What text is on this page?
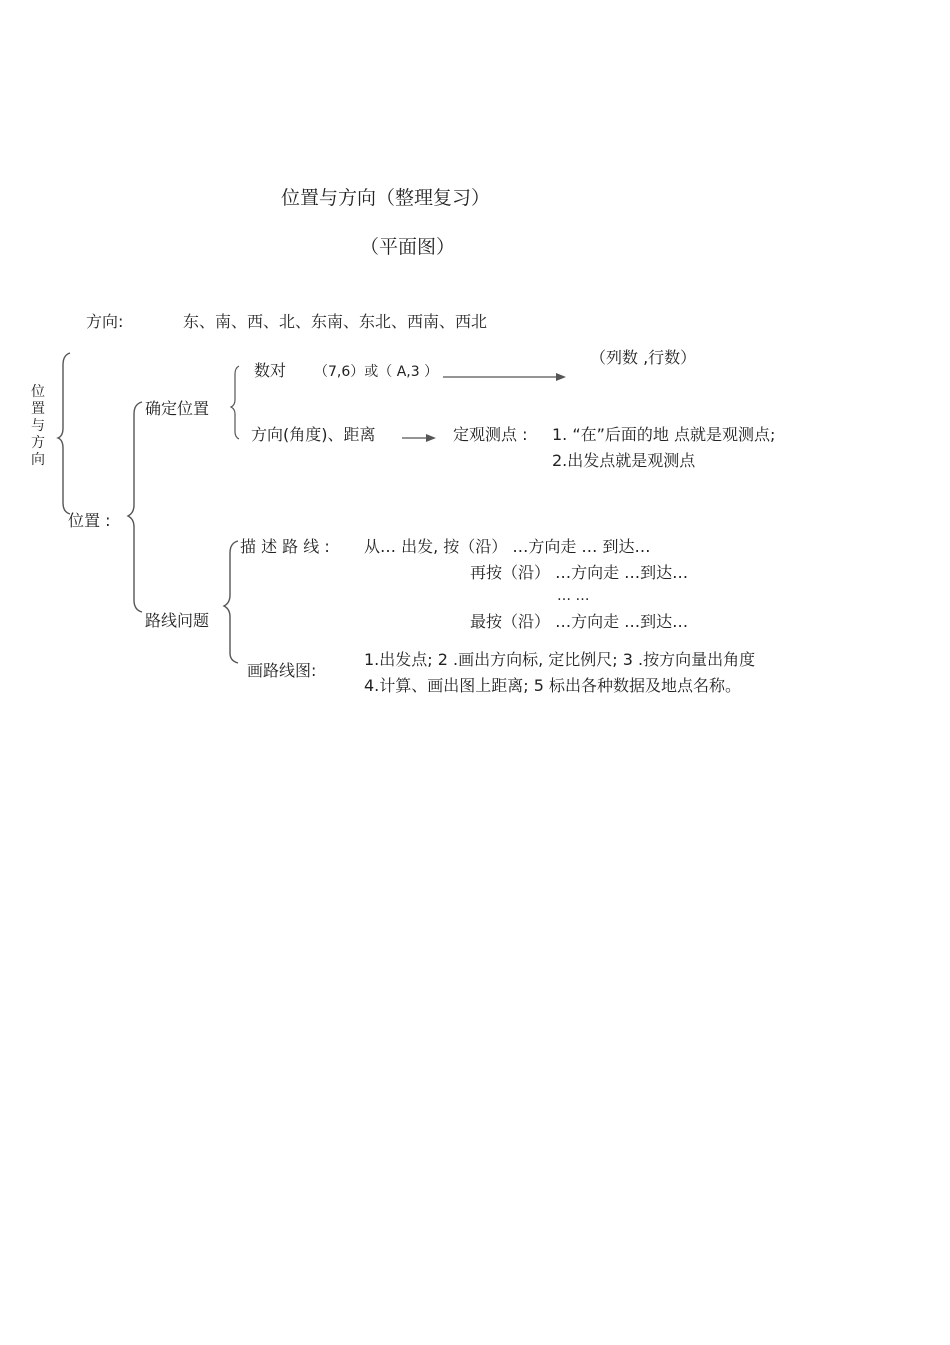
位置与方向（整理复习）
（平面图）
方向:	东、南、西、北、东南、东北、西南、西北
位置与方向
位置 :
确定位置
数对 （7,6）或（ A,3 ）
（列数 ,行数）
方向(角度)、距离	定观测点 : 1. “在”后面的地 点就是观测点;
2.出发点就是观测点
路线问题
描 述 路 线 : 从… 出发, 按（沿） …方向走 … 到达…
再按（沿） …方向走 …到达…
… …
最按（沿） …方向走 …到达…
画路线图:
1.出发点; 2 .画出方向标, 定比例尺; 3 .按方向量出角度
4.计算、画出图上距离; 5 标出各种数据及地点名称。
